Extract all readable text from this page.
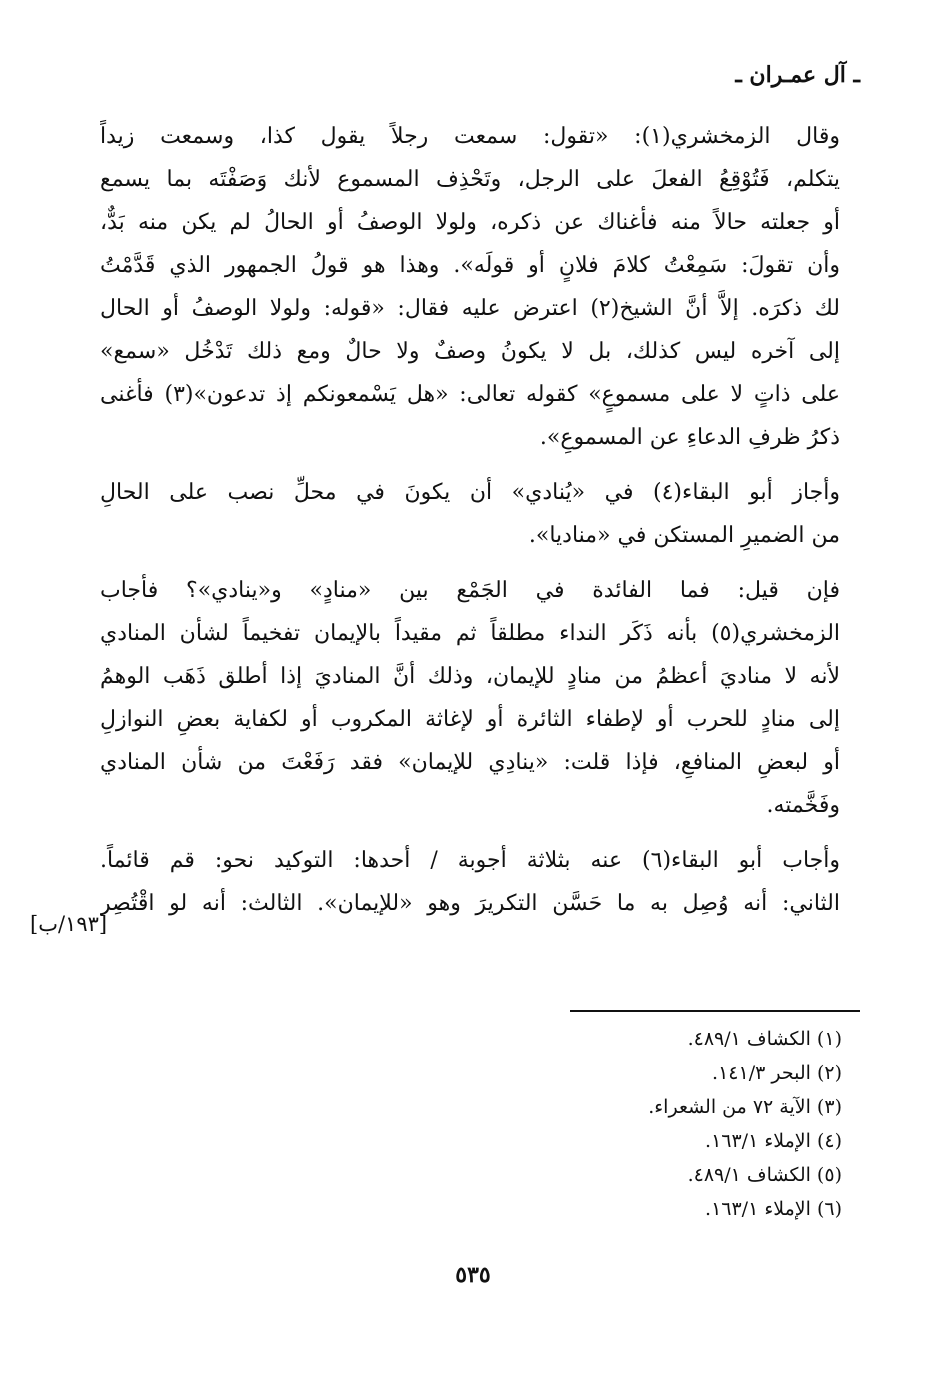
ـ آل عمـران ـ
وقال الزمخشري(١): «تقول: سمعت رجلاً يقول كذا، وسمعت زيداً
يتكلم، فَتُوْقِعُ الفعلَ على الرجل، وتَحْذِف المسموع لأنك وَصَفْتَه بما يسمع
أو جعلته حالاً منه فأغناك عن ذكره، ولولا الوصفُ أو الحالُ لم يكن منه بَدٌّ،
وأن تقولَ: سَمِعْتُ كلامَ فلانٍ أو قولَه». وهذا هو قولُ الجمهور الذي قَدَّمْتُ
لك ذكرَه. إلاَّ أنَّ الشيخ(٢) اعترض عليه فقال: «قوله: ولولا الوصفُ أو الحال
إلى آخره ليس كذلك، بل لا يكونُ وصفٌ ولا حالٌ ومع ذلك تَدْخُل «سمع»
على ذاتٍ لا على مسموعٍ» كقوله تعالى: «هل يَسْمعونكم إذ تدعون»(٣) فأغنى
ذكرُ ظرفِ الدعاءِ عن المسموعِ».
وأجاز أبو البقاء(٤) في «يُنادي» أن يكونَ في محلِّ نصب على الحالِ
من الضميرِ المستكن في «مناديا».
فإن قيل: فما الفائدة في الجَمْع بين «منادٍ» و«ينادي»؟ فأجاب
الزمخشري(٥) بأنه ذَكَر النداء مطلقاً ثم مقيداً بالإيمان تفخيماً لشأن المنادي
لأنه لا مناديَ أعظمُ من منادٍ للإيمان، وذلك أنَّ المناديَ إذا أطلق ذَهَب الوهمُ
إلى منادٍ للحرب أو لإطفاء الثائرة أو لإغاثة المكروب أو لكفاية بعضِ النوازلِ
أو لبعضِ المنافعِ، فإذا قلت: «ينادِي للإيمان» فقد رَفَعْتَ من شأن المنادي
وفَخَّمته.
وأجاب أبو البقاء(٦) عنه بثلاثة أجوبة / أحدها: التوكيد نحو: قم قائماً.
الثاني: أنه وُصِل به ما حَسَّن التكريرَ وهو «للإيمان». الثالث: أنه لو اقْتُصِر
[١٩٣/ب]
(١) الكشاف ٤٨٩/١.
(٢) البحر ١٤١/٣.
(٣) الآية ٧٢ من الشعراء.
(٤) الإملاء ١٦٣/١.
(٥) الكشاف ٤٨٩/١.
(٦) الإملاء ١٦٣/١.
٥٣٥
